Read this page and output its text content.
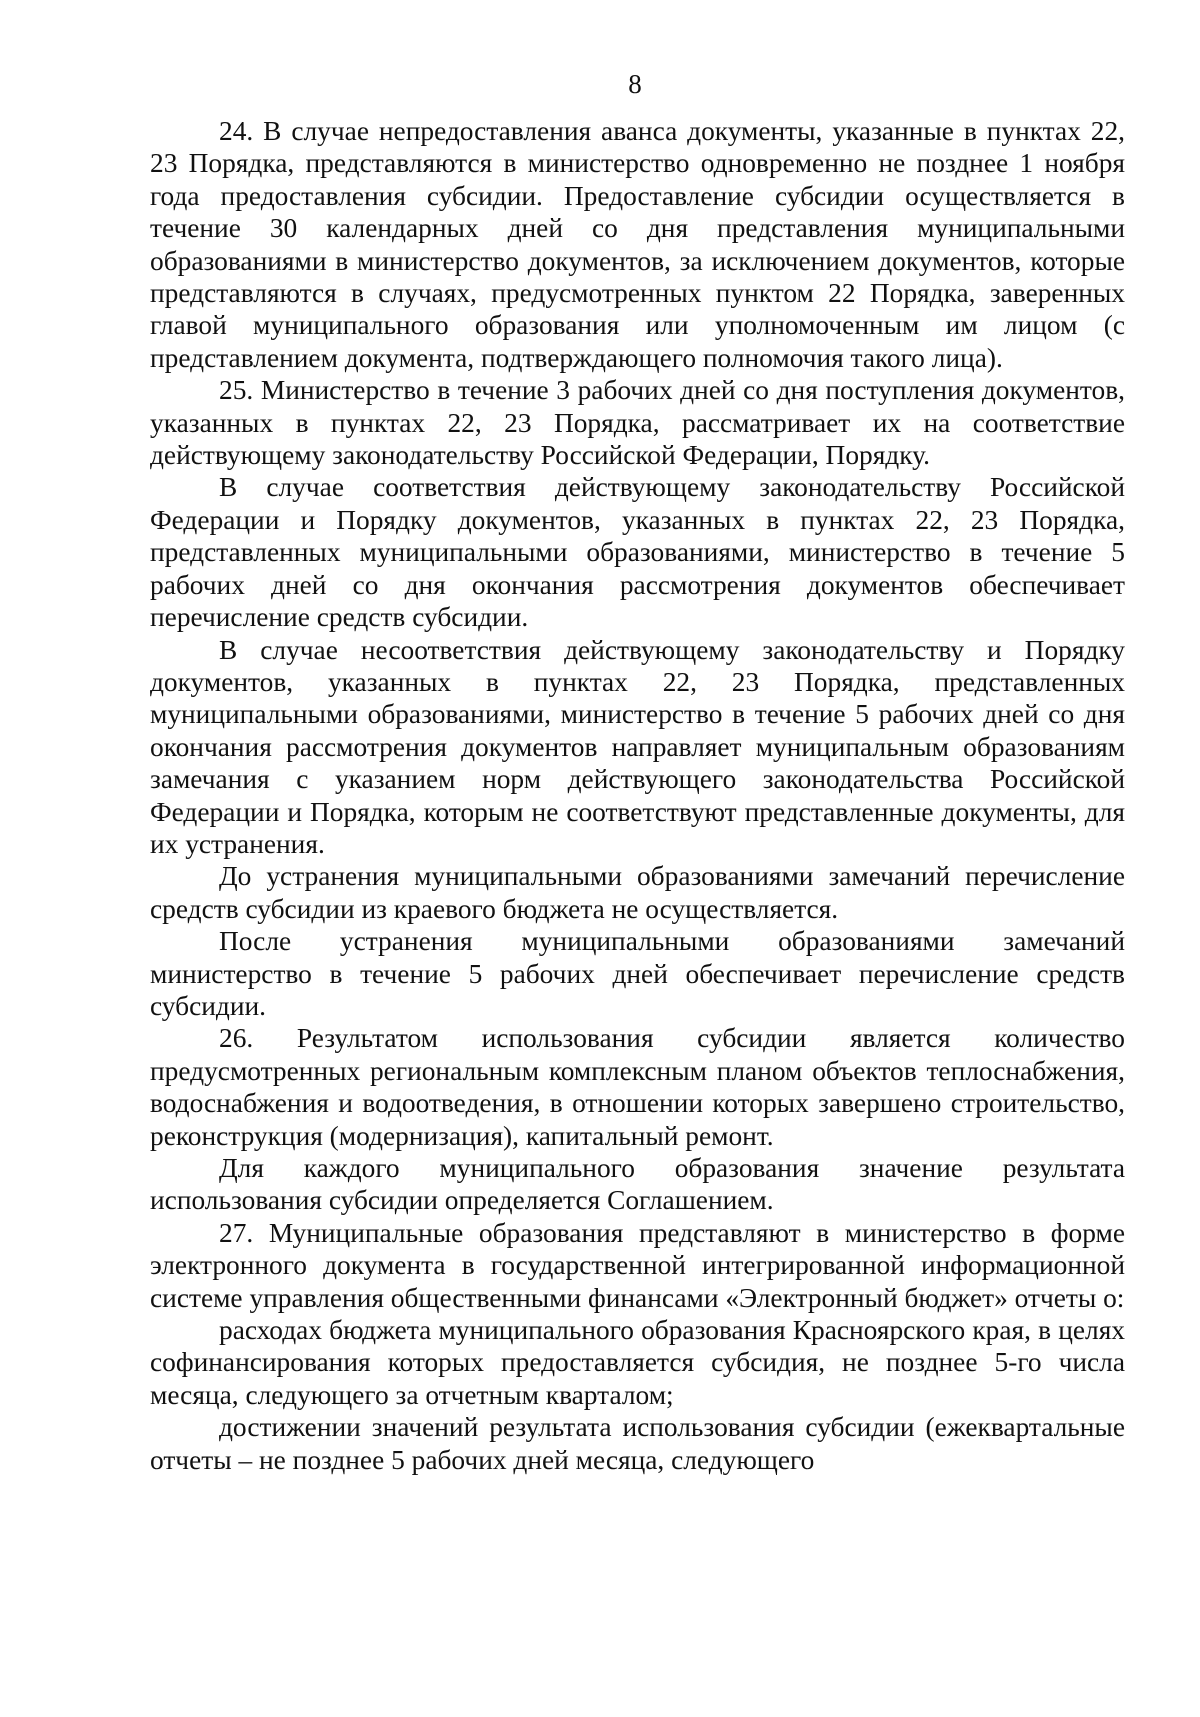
8

24. В случае непредоставления аванса документы, указанные в пунктах 22, 23 Порядка, представляются в министерство одновременно не позднее 1 ноября года предоставления субсидии. Предоставление субсидии осуществляется в течение 30 календарных дней со дня представления муниципальными образованиями в министерство документов, за исключением документов, которые представляются в случаях, предусмотренных пунктом 22 Порядка, заверенных главой муниципального образования или уполномоченным им лицом (с представлением документа, подтверждающего полномочия такого лица).

25. Министерство в течение 3 рабочих дней со дня поступления документов, указанных в пунктах 22, 23 Порядка, рассматривает их на соответствие действующему законодательству Российской Федерации, Порядку.

В случае соответствия действующему законодательству Российской Федерации и Порядку документов, указанных в пунктах 22, 23 Порядка, представленных муниципальными образованиями, министерство в течение 5 рабочих дней со дня окончания рассмотрения документов обеспечивает перечисление средств субсидии.

В случае несоответствия действующему законодательству и Порядку документов, указанных в пунктах 22, 23 Порядка, представленных муниципальными образованиями, министерство в течение 5 рабочих дней со дня окончания рассмотрения документов направляет муниципальным образованиям замечания с указанием норм действующего законодательства Российской Федерации и Порядка, которым не соответствуют представленные документы, для их устранения.

До устранения муниципальными образованиями замечаний перечисление средств субсидии из краевого бюджета не осуществляется.

После устранения муниципальными образованиями замечаний министерство в течение 5 рабочих дней обеспечивает перечисление средств субсидии.

26. Результатом использования субсидии является количество предусмотренных региональным комплексным планом объектов теплоснабжения, водоснабжения и водоотведения, в отношении которых завершено строительство, реконструкция (модернизация), капитальный ремонт.

Для каждого муниципального образования значение результата использования субсидии определяется Соглашением.

27. Муниципальные образования представляют в министерство в форме электронного документа в государственной интегрированной информационной системе управления общественными финансами «Электронный бюджет» отчеты о:

расходах бюджета муниципального образования Красноярского края, в целях софинансирования которых предоставляется субсидия, не позднее 5-го числа месяца, следующего за отчетным кварталом;

достижении значений результата использования субсидии (ежеквартальные отчеты – не позднее 5 рабочих дней месяца, следующего
